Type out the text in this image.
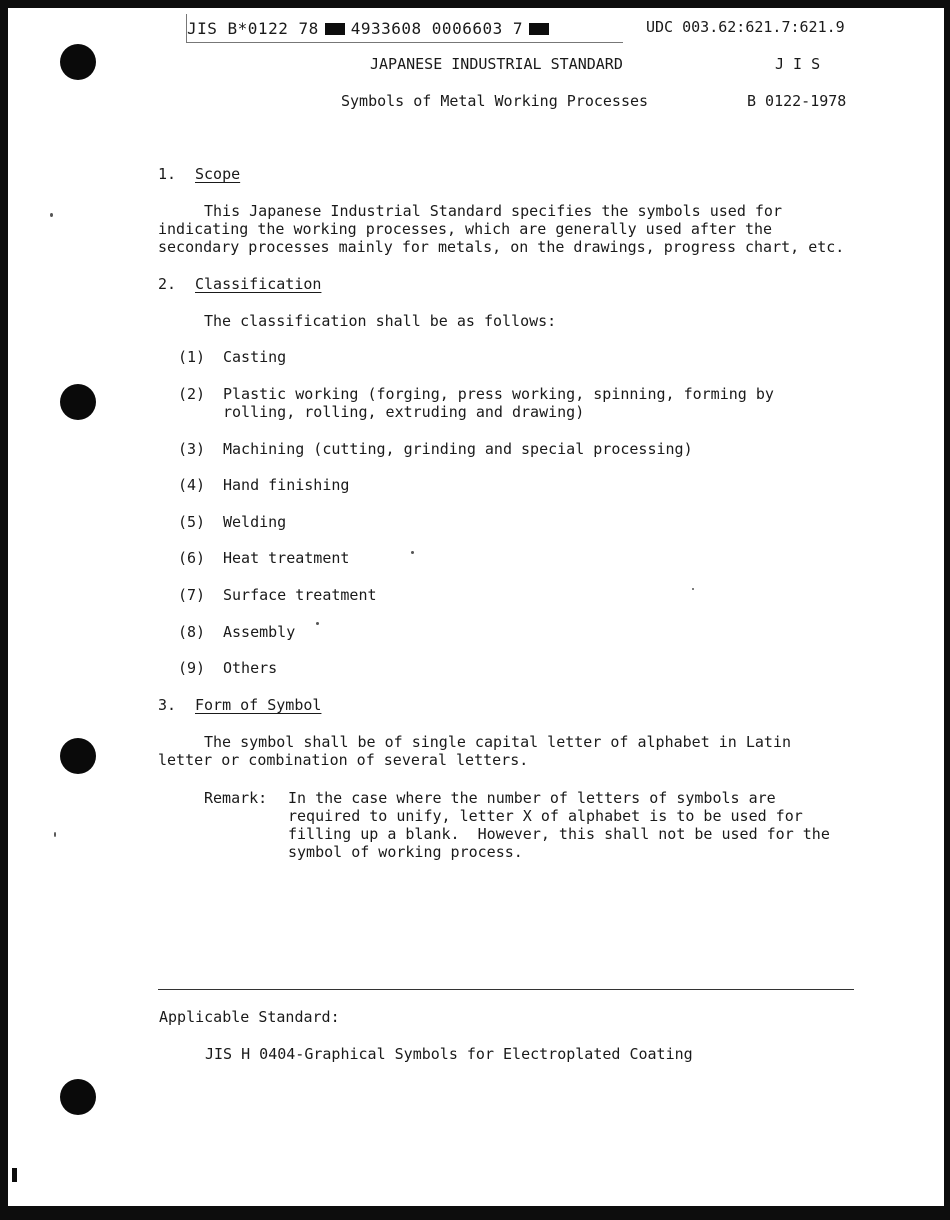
JIS B*0122 78 4933608 0006603 7	UDC 003.62:621.7:621.9
JAPANESE INDUSTRIAL STANDARD	J I S
Symbols of Metal Working Processes	B 0122-1978
1. Scope
This Japanese Industrial Standard specifies the symbols used for
indicating the working processes, which are generally used after the
secondary processes mainly for metals, on the drawings, progress chart, etc.
2. Classification
The classification shall be as follows:
(1) Casting
(2) Plastic working (forging, press working, spinning, forming by
rolling, rolling, extruding and drawing)
(3) Machining (cutting, grinding and special processing)
(4) Hand finishing
(5) Welding
(6) Heat treatment
(7) Surface treatment
(8) Assembly
(9) Others
3. Form of Symbol
The symbol shall be of single capital letter of alphabet in Latin
letter or combination of several letters.
Remark: In the case where the number of letters of symbols are
required to unify, letter X of alphabet is to be used for
filling up a blank.  However, this shall not be used for the
symbol of working process.
Applicable Standard:
JIS H 0404-Graphical Symbols for Electroplated Coating
